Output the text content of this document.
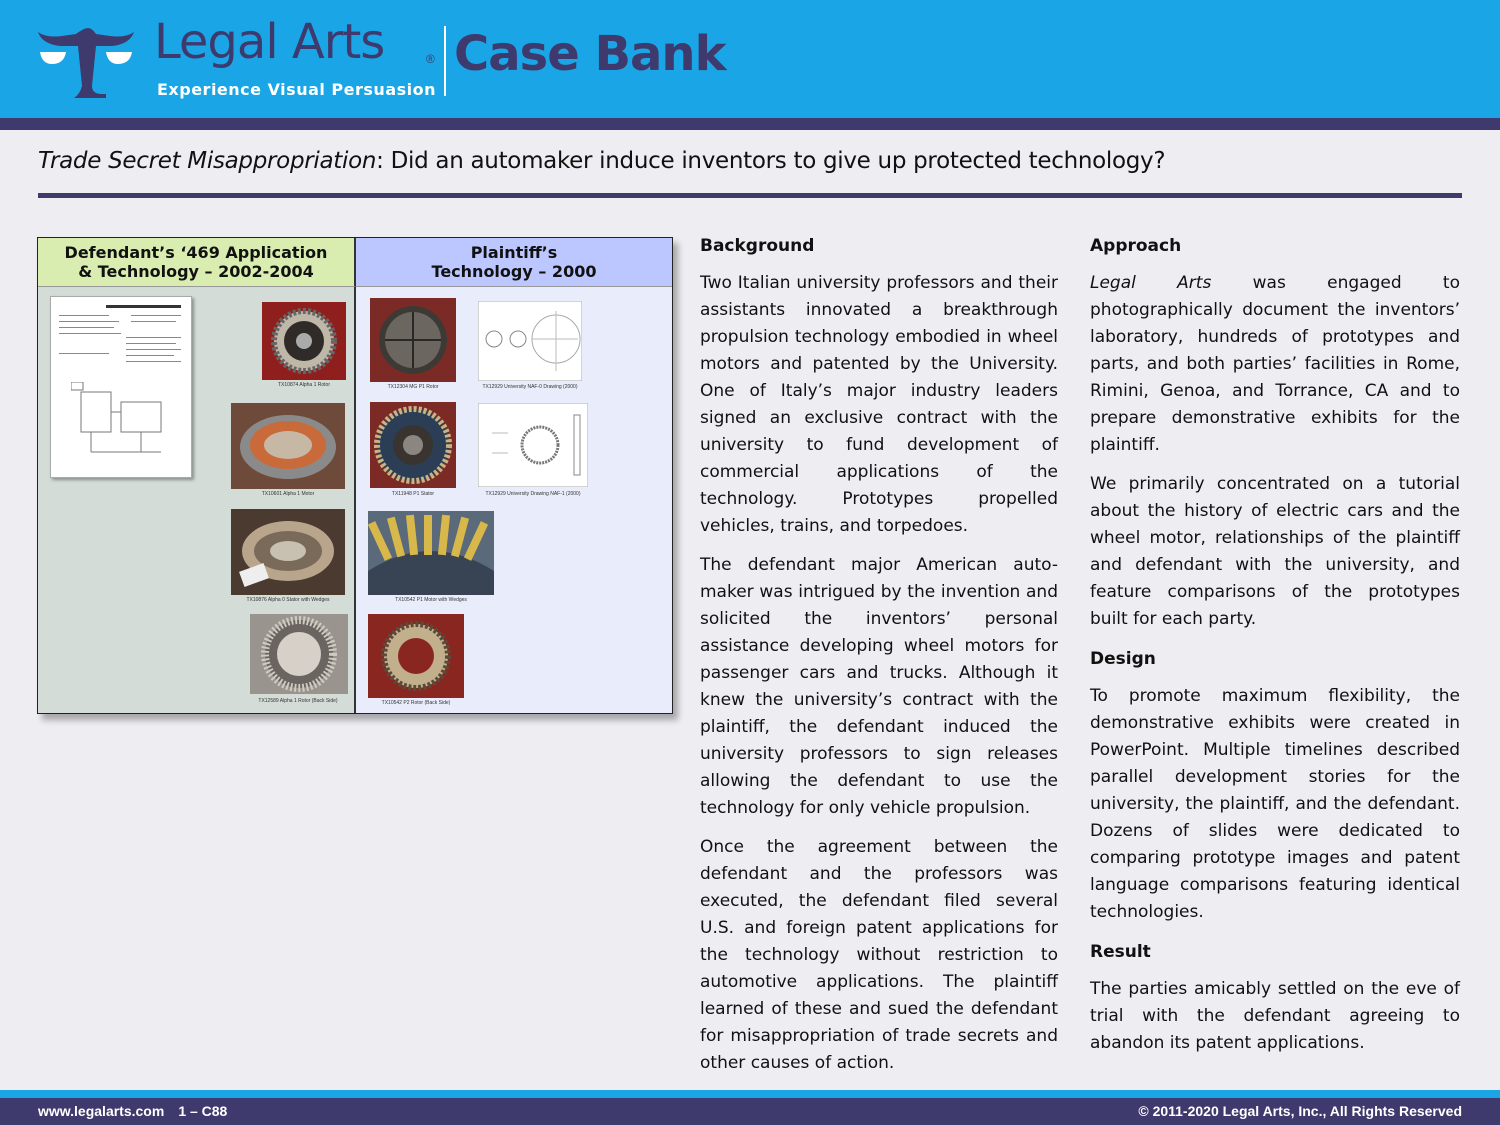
Legal Arts	®
Experience Visual Persuasion
Case Bank
Trade Secret Misappropriation: Did an automaker induce inventors to give up protected technology?
Defendant’s ‘469 Application
& Technology – 2002-2004
Plaintiff’s
Technology – 2000
TX10874 Alpha 1 Rotor
TX10601 Alpha 1 Motor
TX10876 Alpha 0 Stator with Wedges
TX12589 Alpha 1 Rotor (Back Side)
TX12304 MG P1 Rotor	TX12929 University NAF-0 Drawing (2000)
TX11948 P1 Stator	TX12929 University Drawing NAF-1 (2000)
TX10542 P1 Motor with Wedges
TX10542 P2 Rotor (Back Side)
Background

Two Italian university professors and their assistants innovated a breakthrough propulsion technology embodied in wheel motors and patented by the University. One of Italy’s major industry leaders signed an exclusive contract with the university to fund development of commercial applications of the technology. Prototypes propelled vehicles, trains, and torpedoes.

The defendant major American auto-maker was intrigued by the invention and solicited the inventors’ personal assistance developing wheel motors for passenger cars and trucks. Although it knew the university’s contract with the plaintiff, the defendant induced the university professors to sign releases allowing the defendant to use the technology for only vehicle propulsion.

Once the agreement between the defendant and the professors was executed, the defendant filed several U.S. and foreign patent applications for the technology without restriction to automotive applications. The plaintiff learned of these and sued the defendant for misappropriation of trade secrets and other causes of action.

Approach

Legal Arts was engaged to photographically document the inventors’ laboratory, hundreds of prototypes and parts, and both parties’ facilities in Rome, Rimini, Genoa, and Torrance, CA and to prepare demonstrative exhibits for the plaintiff.

We primarily concentrated on a tutorial about the history of electric cars and the wheel motor, relationships of the plaintiff and defendant with the university, and feature comparisons of the prototypes built for each party.

Design

To promote maximum flexibility, the demonstrative exhibits were created in PowerPoint. Multiple timelines described parallel development stories for the university, the plaintiff, and the defendant. Dozens of slides were dedicated to comparing prototype images and patent language comparisons featuring identical technologies.

Result

The parties amicably settled on the eve of trial with the defendant agreeing to abandon its patent applications.

www.legalarts.com 1 – C88	© 2011-2020 Legal Arts, Inc., All Rights Reserved
